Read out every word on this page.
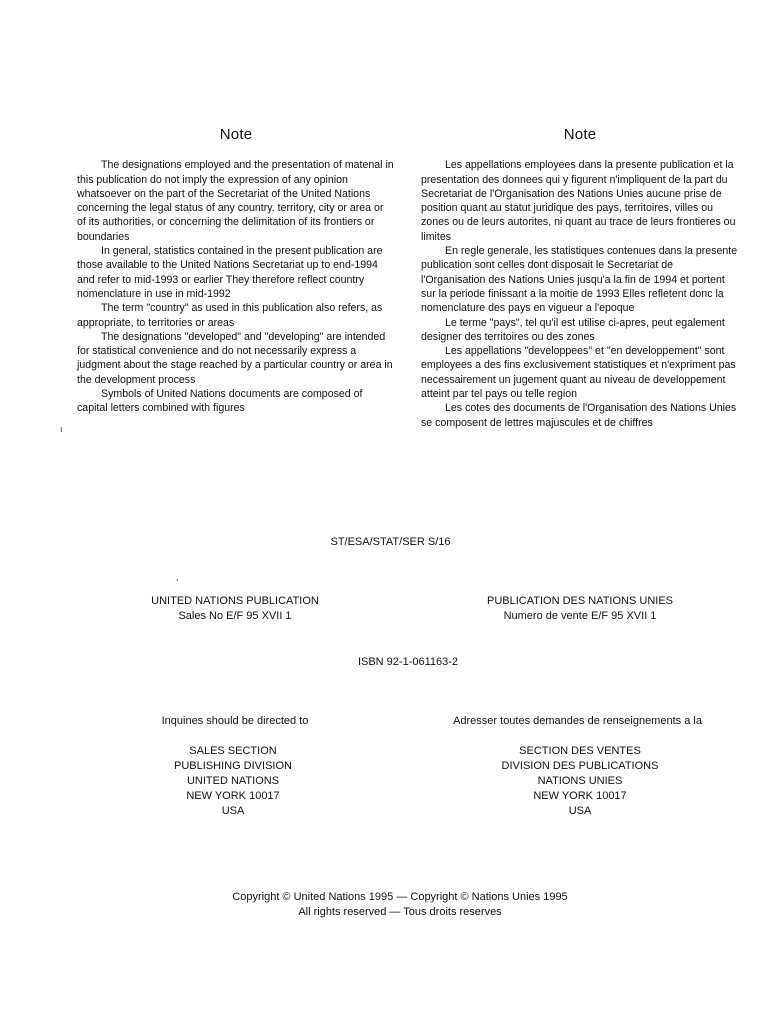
Note

The designations employed and the presentation of matenal in this publication do not imply the expression of any opinion whatsoever on the part of the Secretariat of the United Nations concerning the legal status of any country. territory, city or area or of its authorities, or concerning the delimitation of its frontiers or boundaries

In general, statistics contained in the present publication are those available to the United Nations Secretariat up to end-1994 and refer to mid-1993 or earlier They therefore reflect country nomenclature in use in mid-1992

The term "country" as used in this publication also refers, as appropriate, to territories or areas

The designations "developed" and "developing" are intended for statistical convenience and do not necessarily express a judgment about the stage reached by a particular country or area in the development process

Symbols of United Nations documents are composed of capital letters combined with figures

Note

Les appellations employees dans la presente publication et la presentation des donnees qui y figurent n'impliquent de la part du Secretariat de l'Organisation des Nations Unies aucune prise de position quant au statut juridique des pays, territoires, villes ou zones ou de leurs autorites, ni quant au trace de leurs frontieres ou limites

En regle generale, les statistiques contenues dans la presente publication sont celles dont disposait le Secretariat de l'Organisation des Nations Unies jusqu'a la fin de 1994 et portent sur la periode finissant a la moitie de 1993 Elles refletent donc la nomenclature des pays en vigueur a l'epoque

Le terme "pays", tel qu'il est utilise ci-apres, peut egalement designer des territoires ou des zones

Les appellations "developpees" et "en developpement" sont employees a des fins exclusivement statistiques et n'expriment pas necessairement un jugement quant au niveau de developpement atteint par tel pays ou telle region

Les cotes des documents de l'Organisation des Nations Unies se composent de lettres majuscules et de chiffres

ST/ESA/STAT/SER S/16
UNITED NATIONS PUBLICATION
Sales No E/F 95 XVII 1
PUBLICATION DES NATIONS UNIES
Numero de vente E/F 95 XVII 1
ISBN 92-1-061163-2
Inquines should be directed to	Adresser toutes demandes de renseignements a la
SALES SECTION
PUBLISHING DIVISION
UNITED NATIONS
NEW YORK 10017
USA
SECTION DES VENTES
DIVISION DES PUBLICATIONS
NATIONS UNIES
NEW YORK 10017
USA
Copyright © United Nations 1995 — Copyright © Nations Unies 1995
All rights reserved — Tous droits reserves
ı
,
